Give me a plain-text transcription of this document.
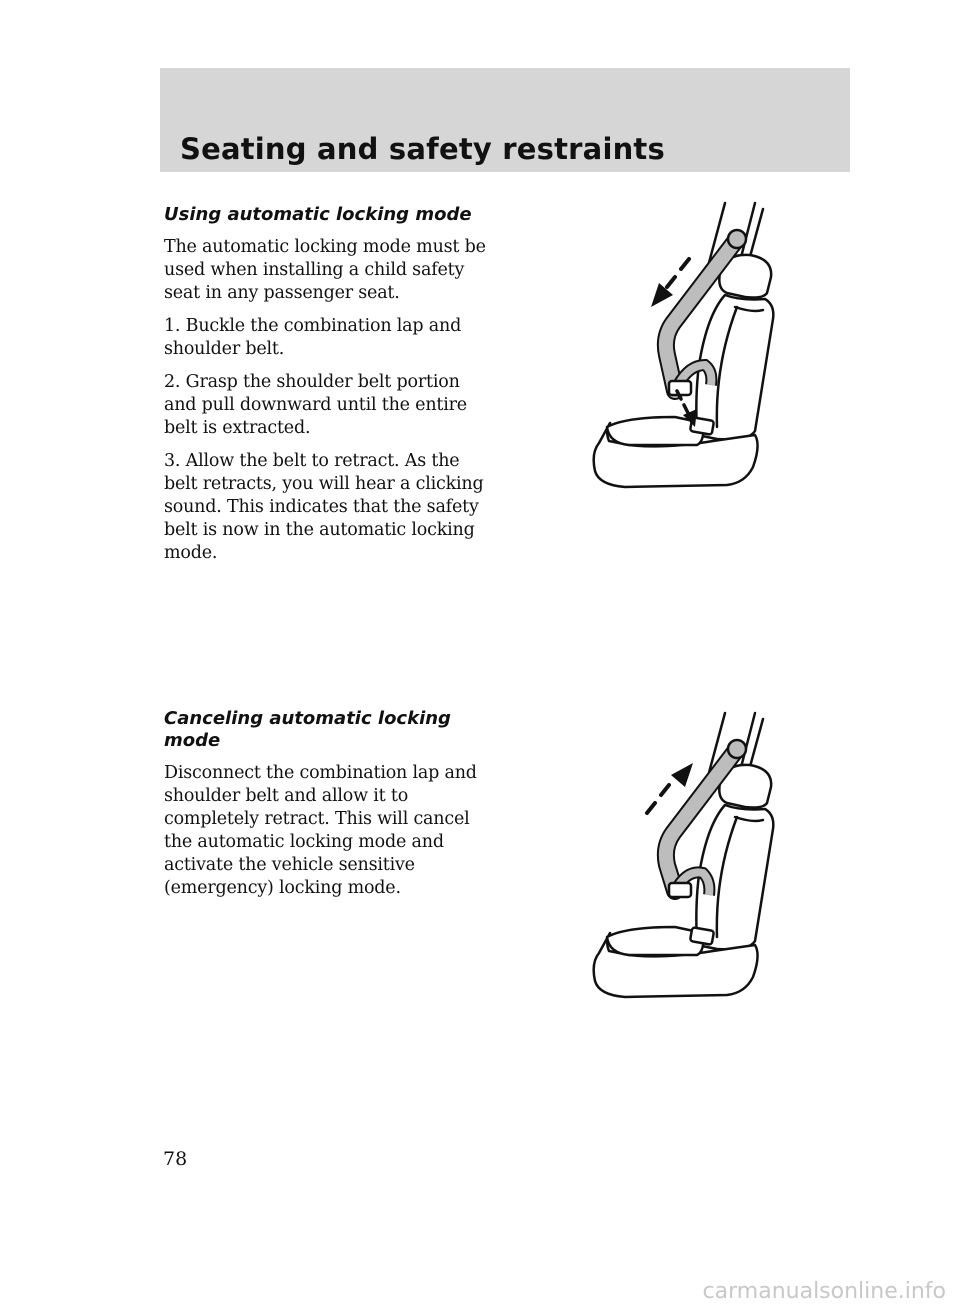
Seating and safety restraints
Using automatic locking mode

The automatic locking mode must be used when installing a child safety seat in any passenger seat.

1. Buckle the combination lap and shoulder belt.

2. Grasp the shoulder belt portion and pull downward until the entire belt is extracted.

3. Allow the belt to retract. As the belt retracts, you will hear a clicking sound. This indicates that the safety belt is now in the automatic locking mode.

Canceling automatic locking mode

Disconnect the combination lap and shoulder belt and allow it to completely retract. This will cancel the automatic locking mode and activate the vehicle sensitive (emergency) locking mode.

78
carmanualsonline.info
